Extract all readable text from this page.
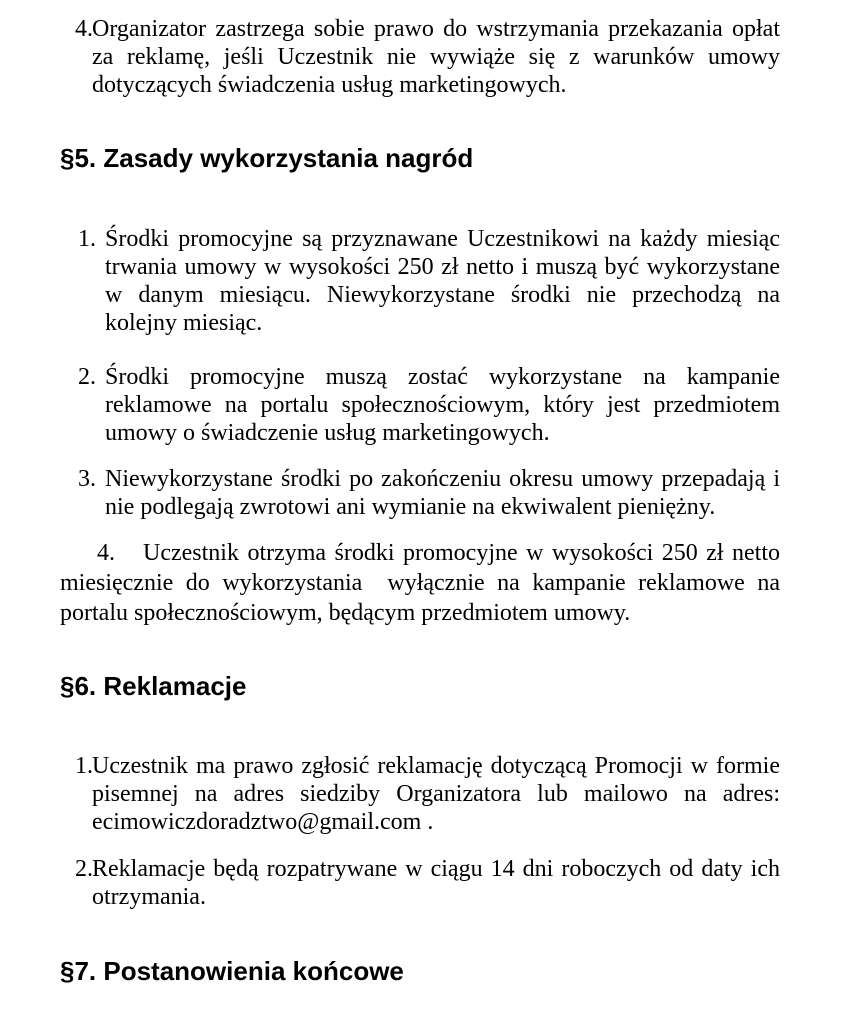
4. Organizator zastrzega sobie prawo do wstrzymania przekazania opłat za reklamę, jeśli Uczestnik nie wywiąże się z warunków umowy dotyczących świadczenia usług marketingowych.
§5. Zasady wykorzystania nagród
1. Środki promocyjne są przyznawane Uczestnikowi na każdy miesiąc trwania umowy w wysokości 250 zł netto i muszą być wykorzystane w danym miesiącu. Niewykorzystane środki nie przechodzą na kolejny miesiąc.
2. Środki promocyjne muszą zostać wykorzystane na kampanie reklamowe na portalu społecznościowym, który jest przedmiotem umowy o świadczenie usług marketingowych.
3. Niewykorzystane środki po zakończeniu okresu umowy przepadają i nie podlegają zwrotowi ani wymianie na ekwiwalent pieniężny.
4. Uczestnik otrzyma środki promocyjne w wysokości 250 zł netto miesięcznie do wykorzystania  wyłącznie na kampanie reklamowe na portalu społecznościowym, będącym przedmiotem umowy.
§6. Reklamacje
1. Uczestnik ma prawo zgłosić reklamację dotyczącą Promocji w formie pisemnej na adres siedziby Organizatora lub mailowo na adres: ecimowiczdoradztwo@gmail.com .
2. Reklamacje będą rozpatrywane w ciągu 14 dni roboczych od daty ich otrzymania.
§7. Postanowienia końcowe
